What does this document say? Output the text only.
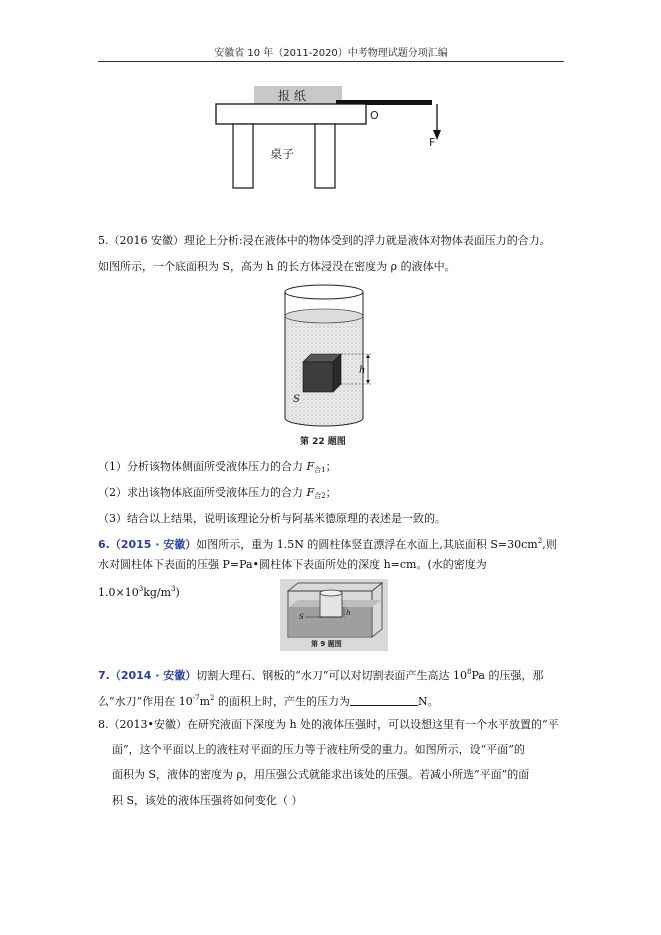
安徽省 10 年（2011-2020）中考物理试题分项汇编
报 纸
桌子
O
F
5.（2016 安徽）理论上分析:浸在液体中的物体受到的浮力就是液体对物体表面压力的合力。
如图所示，一个底面积为 S，高为 h 的长方体浸没在密度为 ρ 的液体中。
h
S
第 22 题图
（1）分析该物体侧面所受液体压力的合力 $F_{合1}$；
（2）求出该物体底面所受液体压力的合力 $F_{合2}$；
（3）结合以上结果，说明该理论分析与阿基米德原理的表述是一致的。
6.（2015 · 安徽）如图所示，重为 1.5N 的圆柱体竖直漂浮在水面上,其底面积 $S=30cm^2$,则
水对圆柱体下表面的压强 P=Pa•圆柱体下表面所处的深度 h=cm。(水的密度为 $1.0\times 10^3kg/m^3$)
h
S
第 9 题图
7.（2014 · 安徽）切割大理石、钢板的“水刀”可以对切割表面产生高达 $10^8Pa$ 的压强，那
么“水刀”作用在 $10^{-7}m^2$ 的面积上时，产生的压力为	N。
8.（2013•安徽）在研究液面下深度为 h 处的液体压强时，可以设想这里有一个水平放置的“平
面”，这个平面以上的液柱对平面的压力等于液柱所受的重力。如图所示，设“平面”的
面积为 S，液体的密度为 ρ，用压强公式就能求出该处的压强。若减小所选“平面”的面
积 S，该处的液体压强将如何变化（ ）
